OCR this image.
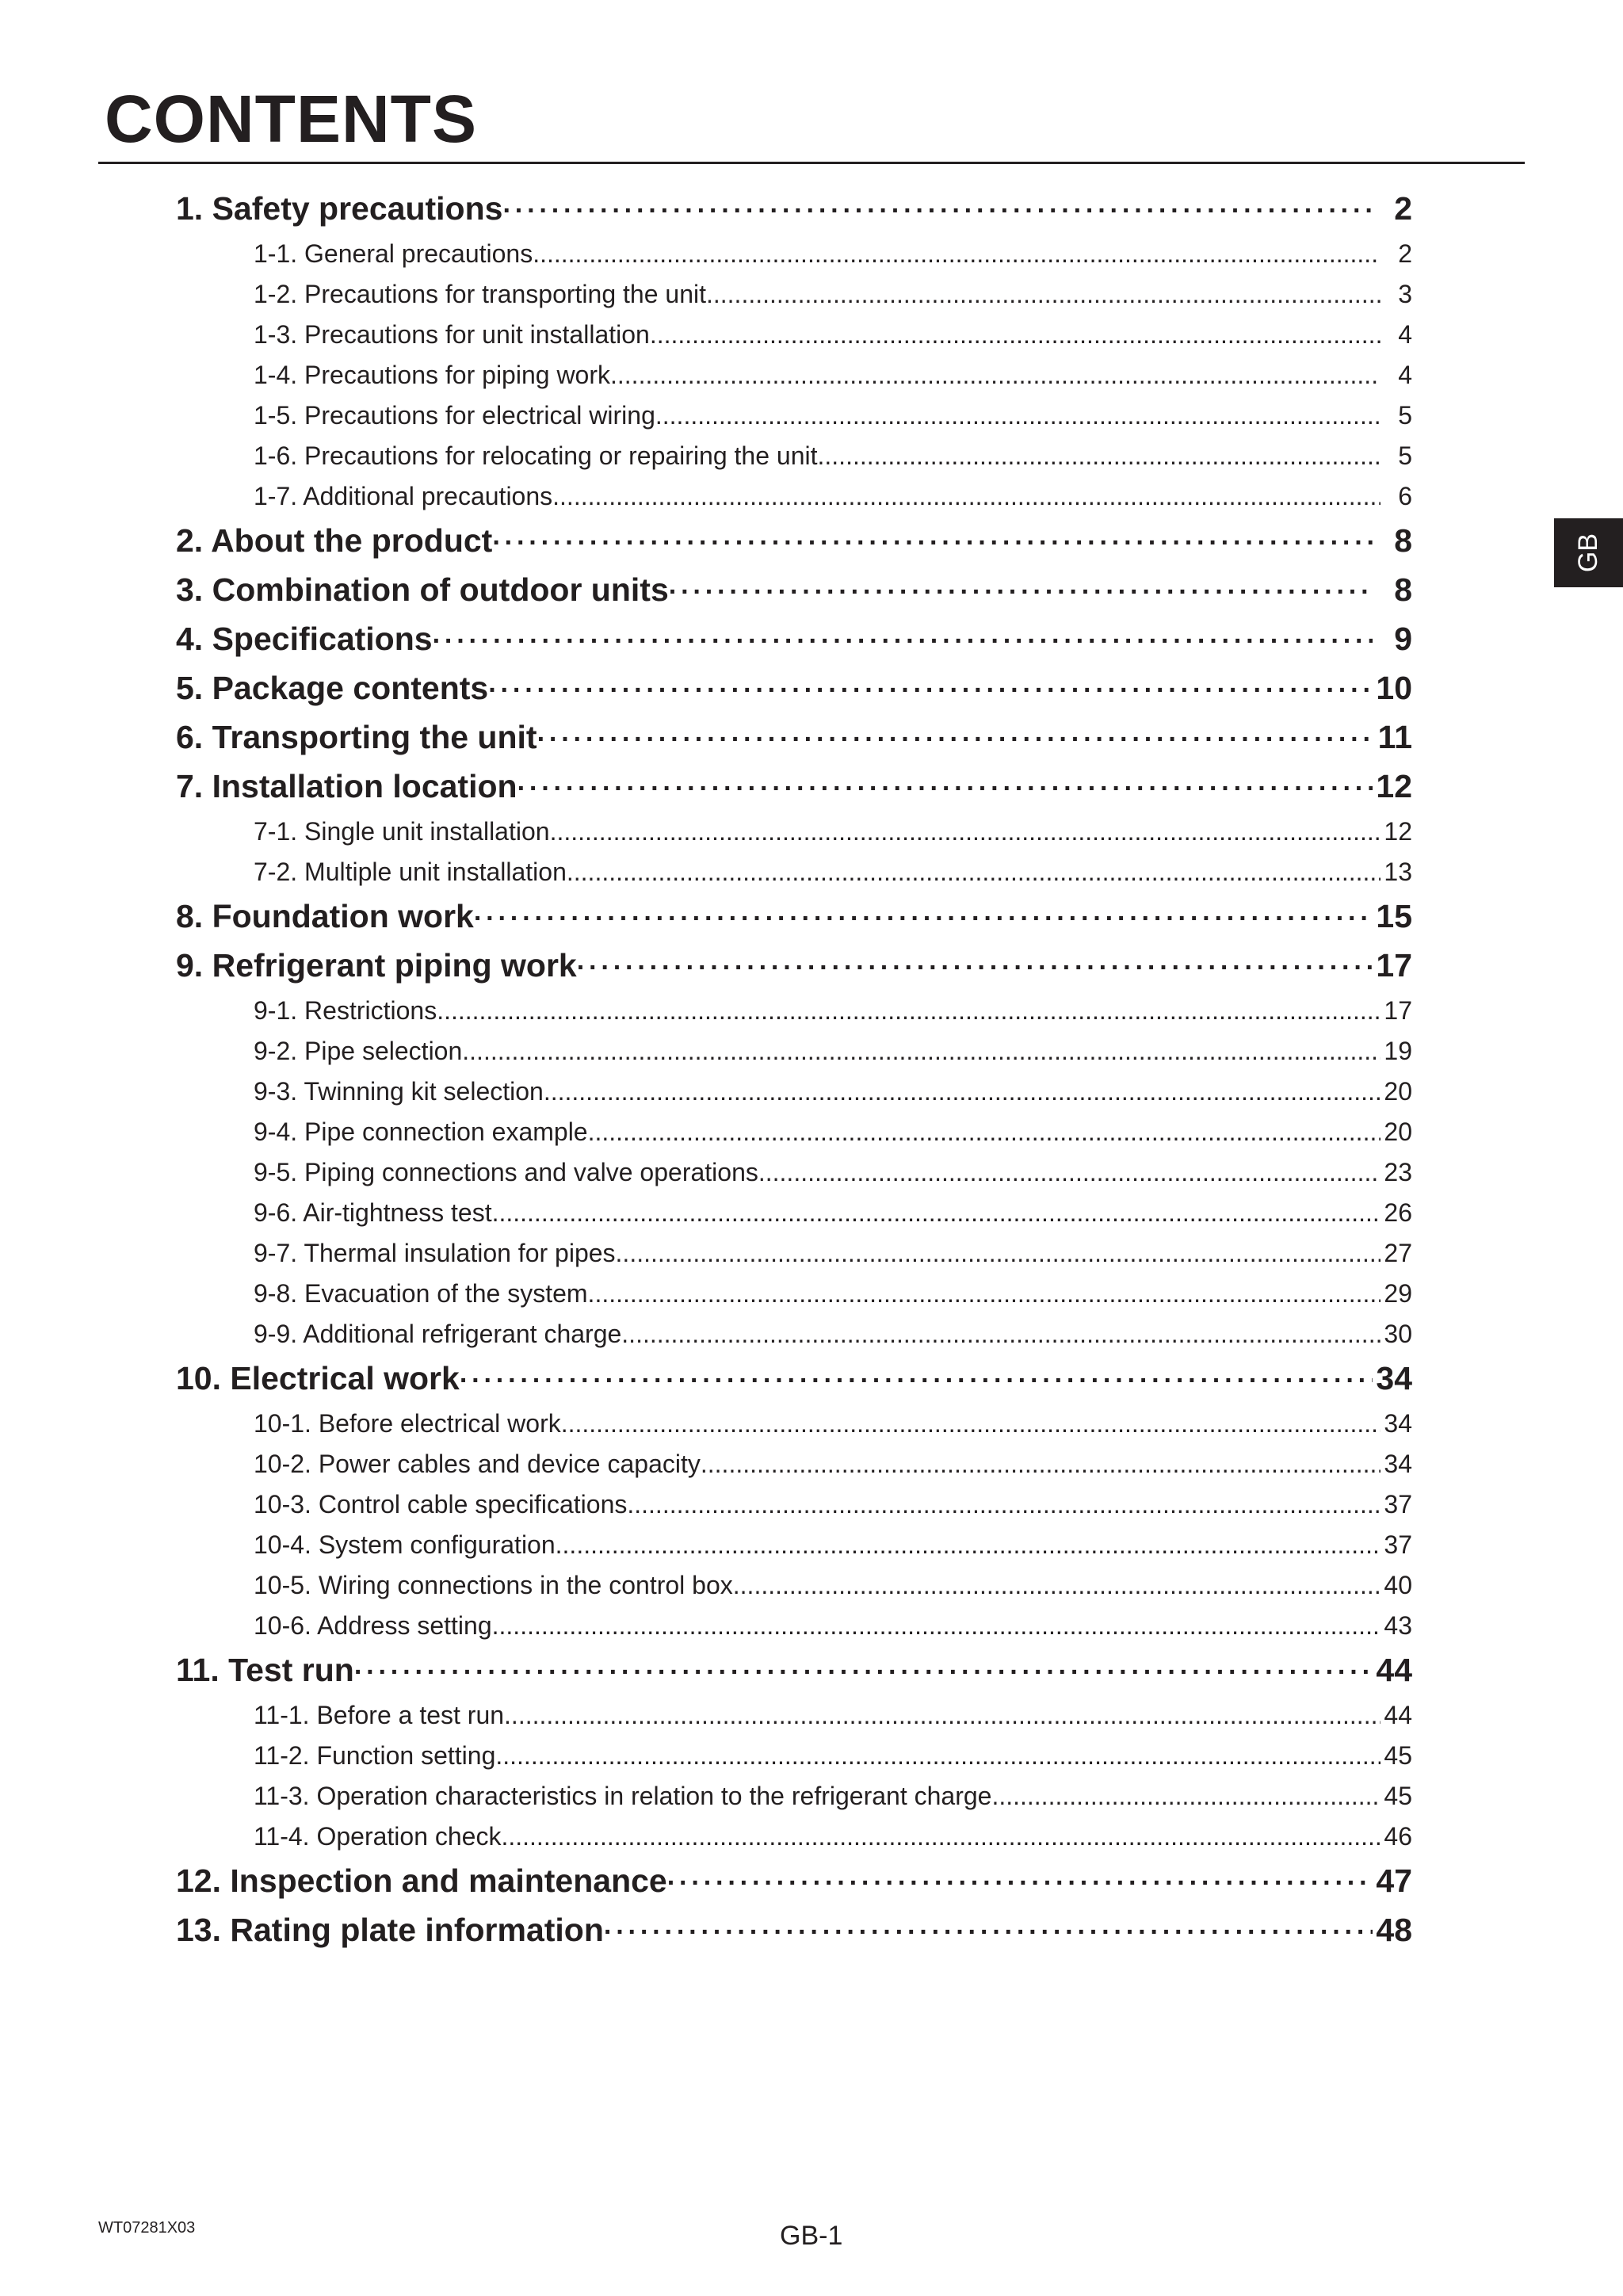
CONTENTS
GB
1. Safety precautions ·····	2
1-1. General precautions .....	2
1-2. Precautions for transporting the unit .....	3
1-3. Precautions for unit installation .....	4
1-4. Precautions for piping work .....	4
1-5. Precautions for electrical wiring .....	5
1-6. Precautions for relocating or repairing the unit .....	5
1-7. Additional precautions .....	6
2. About the product ·····	8
3. Combination of outdoor units ·····	8
4. Specifications ·····	9
5. Package contents ·····	10
6. Transporting the unit ·····	11
7. Installation location ·····	12
7-1. Single unit installation .....	12
7-2. Multiple unit installation .....	13
8. Foundation work ·····	15
9. Refrigerant piping work ·····	17
9-1. Restrictions .....	17
9-2. Pipe selection .....	19
9-3. Twinning kit selection .....	20
9-4. Pipe connection example .....	20
9-5. Piping connections and valve operations .....	23
9-6. Air-tightness test .....	26
9-7. Thermal insulation for pipes .....	27
9-8. Evacuation of the system .....	29
9-9. Additional refrigerant charge .....	30
10. Electrical work ·····	34
10-1. Before electrical work .....	34
10-2. Power cables and device capacity .....	34
10-3. Control cable specifications .....	37
10-4. System configuration .....	37
10-5. Wiring connections in the control box .....	40
10-6. Address setting .....	43
11. Test run ·····	44
11-1. Before a test run .....	44
11-2. Function setting .....	45
11-3. Operation characteristics in relation to the refrigerant charge .....	45
11-4. Operation check .....	46
12. Inspection and maintenance ·····	47
13. Rating plate information ·····	48
WT07281X03	GB-1
